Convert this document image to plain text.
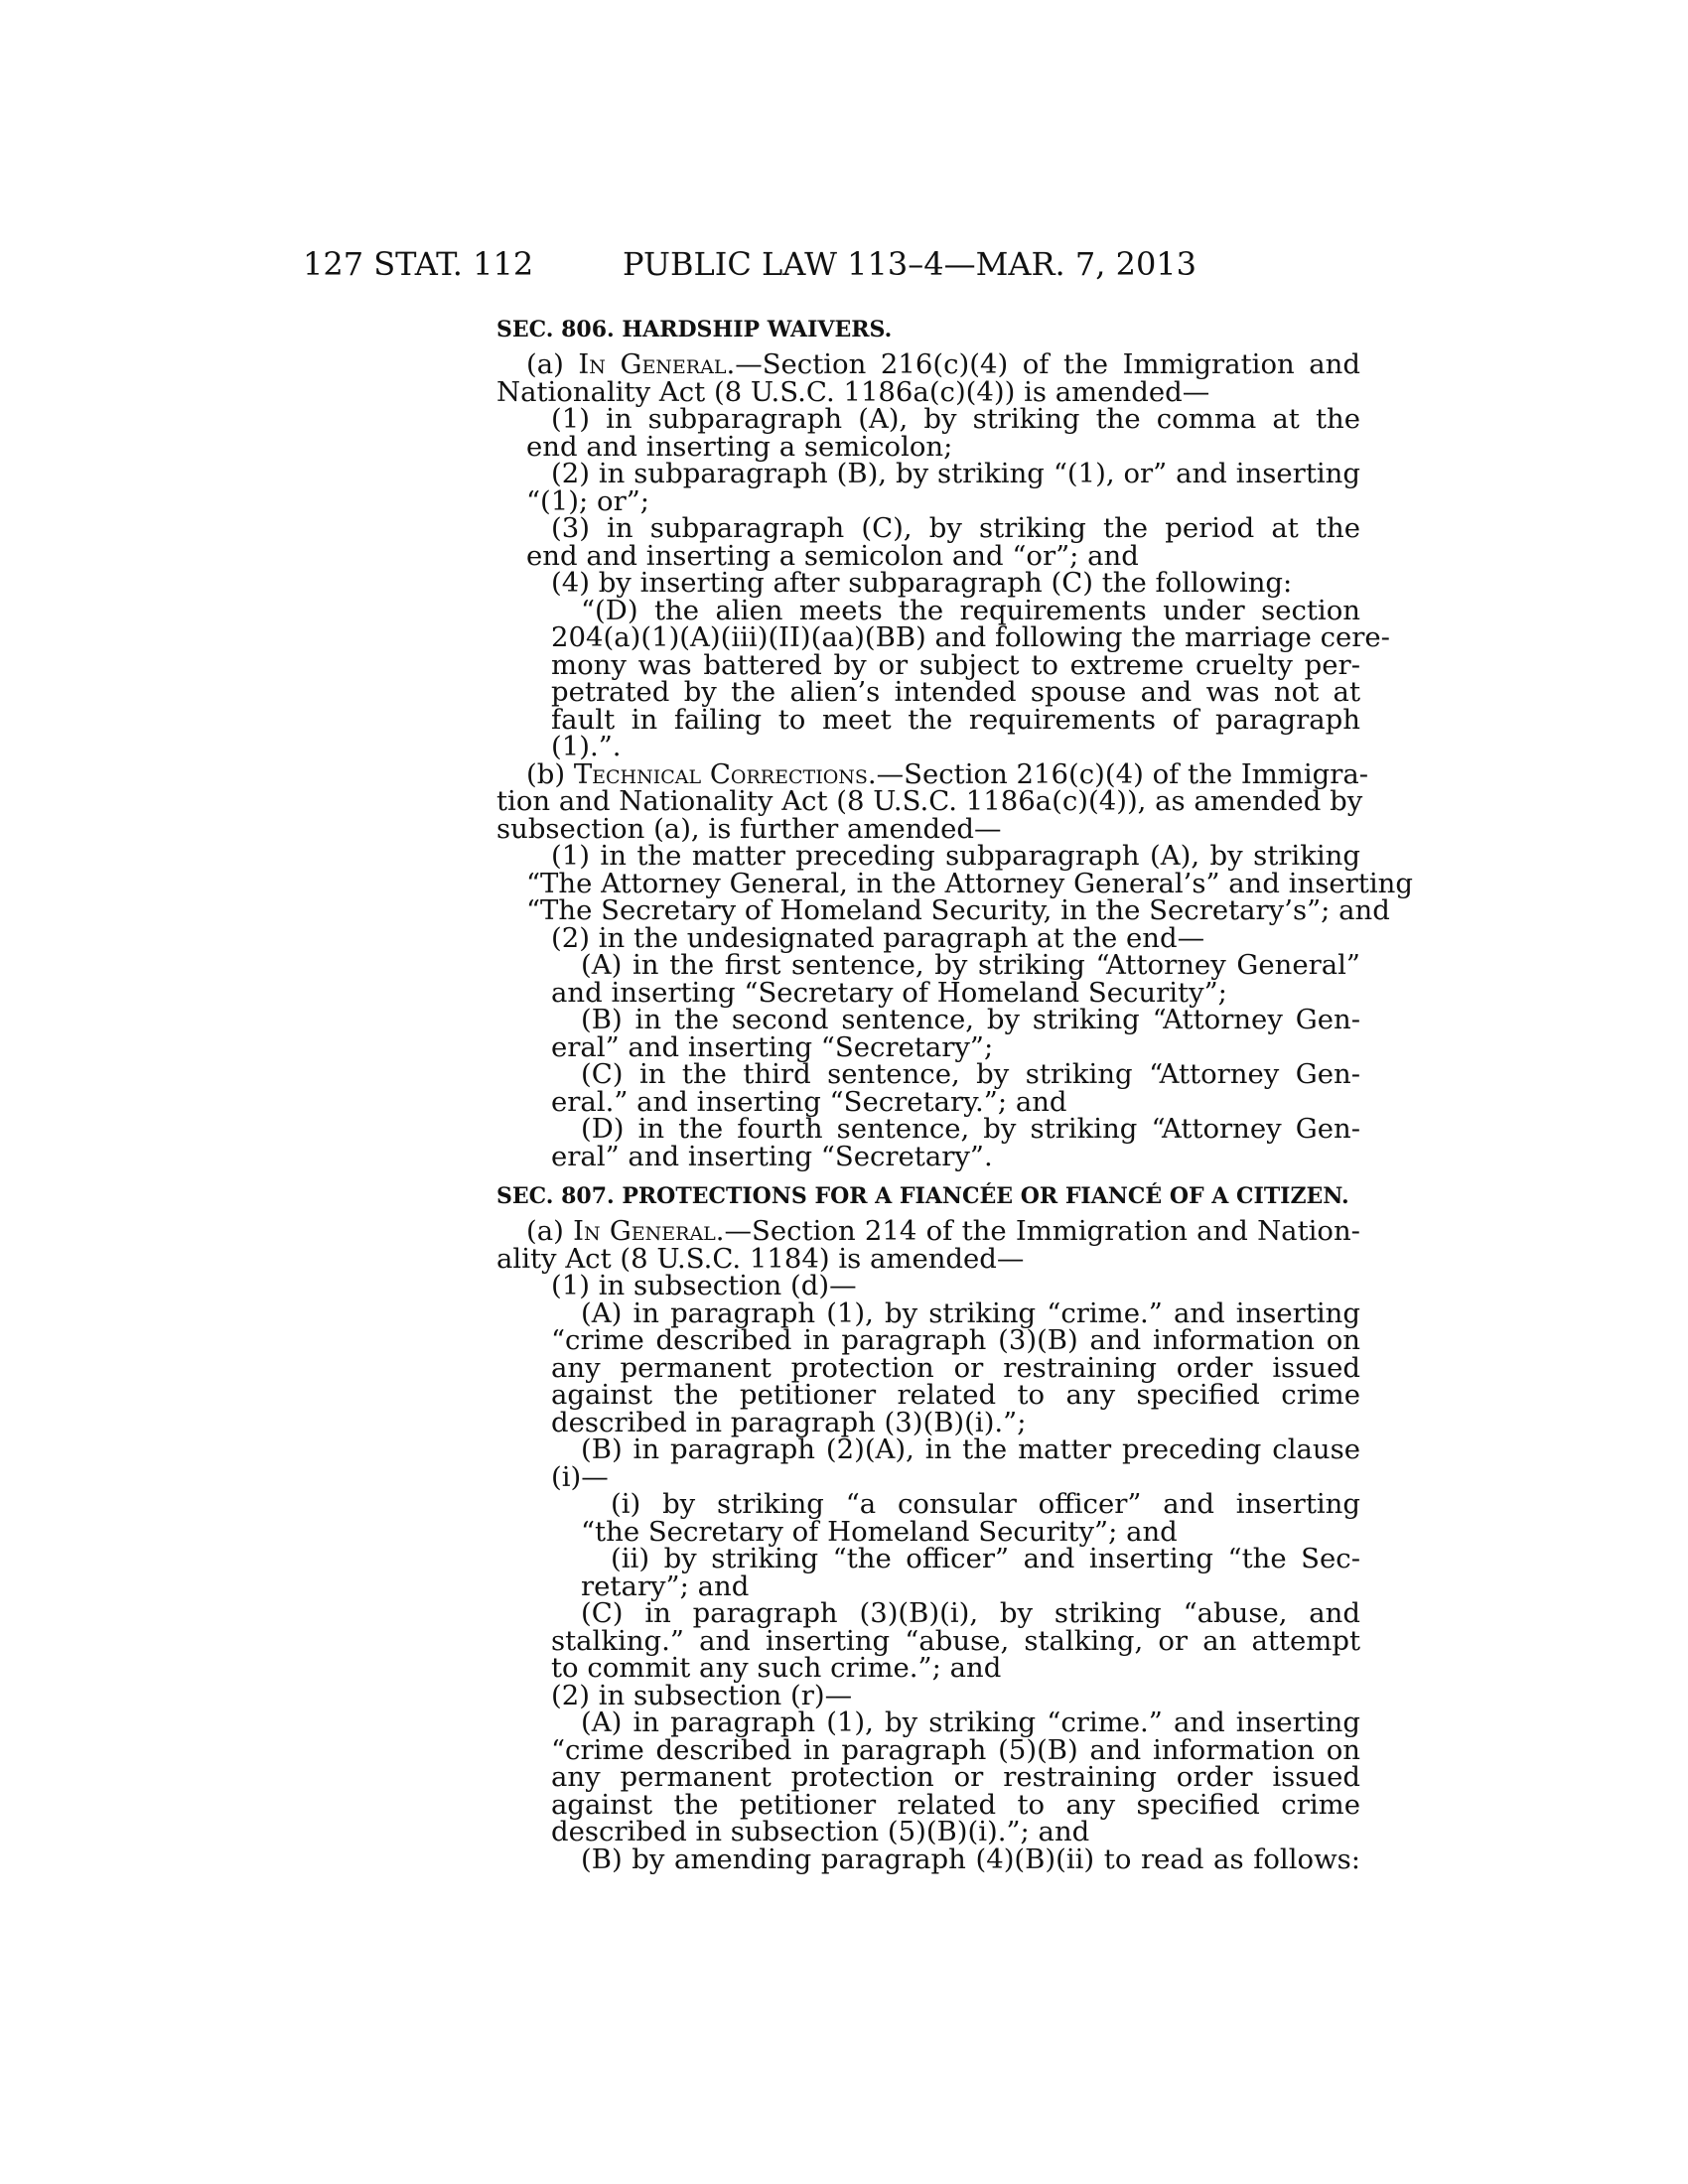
127 STAT. 112	PUBLIC LAW 113–4—MAR. 7, 2013
SEC. 806. HARDSHIP WAIVERS.
(a) In General.—Section 216(c)(4) of the Immigration and
Nationality Act (8 U.S.C. 1186a(c)(4)) is amended—
(1) in subparagraph (A), by striking the comma at the
end and inserting a semicolon;
(2) in subparagraph (B), by striking “(1), or” and inserting
“(1); or”;
(3) in subparagraph (C), by striking the period at the
end and inserting a semicolon and “or”; and
(4) by inserting after subparagraph (C) the following:
“(D) the alien meets the requirements under section
204(a)(1)(A)(iii)(II)(aa)(BB) and following the marriage cere-
mony was battered by or subject to extreme cruelty per-
petrated by the alien’s intended spouse and was not at
fault in failing to meet the requirements of paragraph
(1).”.
(b) Technical Corrections.—Section 216(c)(4) of the Immigra-
tion and Nationality Act (8 U.S.C. 1186a(c)(4)), as amended by
subsection (a), is further amended—
(1) in the matter preceding subparagraph (A), by striking
“The Attorney General, in the Attorney General’s” and inserting
“The Secretary of Homeland Security, in the Secretary’s”; and
(2) in the undesignated paragraph at the end—
(A) in the first sentence, by striking “Attorney General”
and inserting “Secretary of Homeland Security”;
(B) in the second sentence, by striking “Attorney Gen-
eral” and inserting “Secretary”;
(C) in the third sentence, by striking “Attorney Gen-
eral.” and inserting “Secretary.”; and
(D) in the fourth sentence, by striking “Attorney Gen-
eral” and inserting “Secretary”.
SEC. 807. PROTECTIONS FOR A FIANCÉE OR FIANCÉ OF A CITIZEN.
(a) In General.—Section 214 of the Immigration and Nation-
ality Act (8 U.S.C. 1184) is amended—
(1) in subsection (d)—
(A) in paragraph (1), by striking “crime.” and inserting
“crime described in paragraph (3)(B) and information on
any permanent protection or restraining order issued
against the petitioner related to any specified crime
described in paragraph (3)(B)(i).”;
(B) in paragraph (2)(A), in the matter preceding clause
(i)—
(i) by striking “a consular officer” and inserting
“the Secretary of Homeland Security”; and
(ii) by striking “the officer” and inserting “the Sec-
retary”; and
(C) in paragraph (3)(B)(i), by striking “abuse, and
stalking.” and inserting “abuse, stalking, or an attempt
to commit any such crime.”; and
(2) in subsection (r)—
(A) in paragraph (1), by striking “crime.” and inserting
“crime described in paragraph (5)(B) and information on
any permanent protection or restraining order issued
against the petitioner related to any specified crime
described in subsection (5)(B)(i).”; and
(B) by amending paragraph (4)(B)(ii) to read as follows:
